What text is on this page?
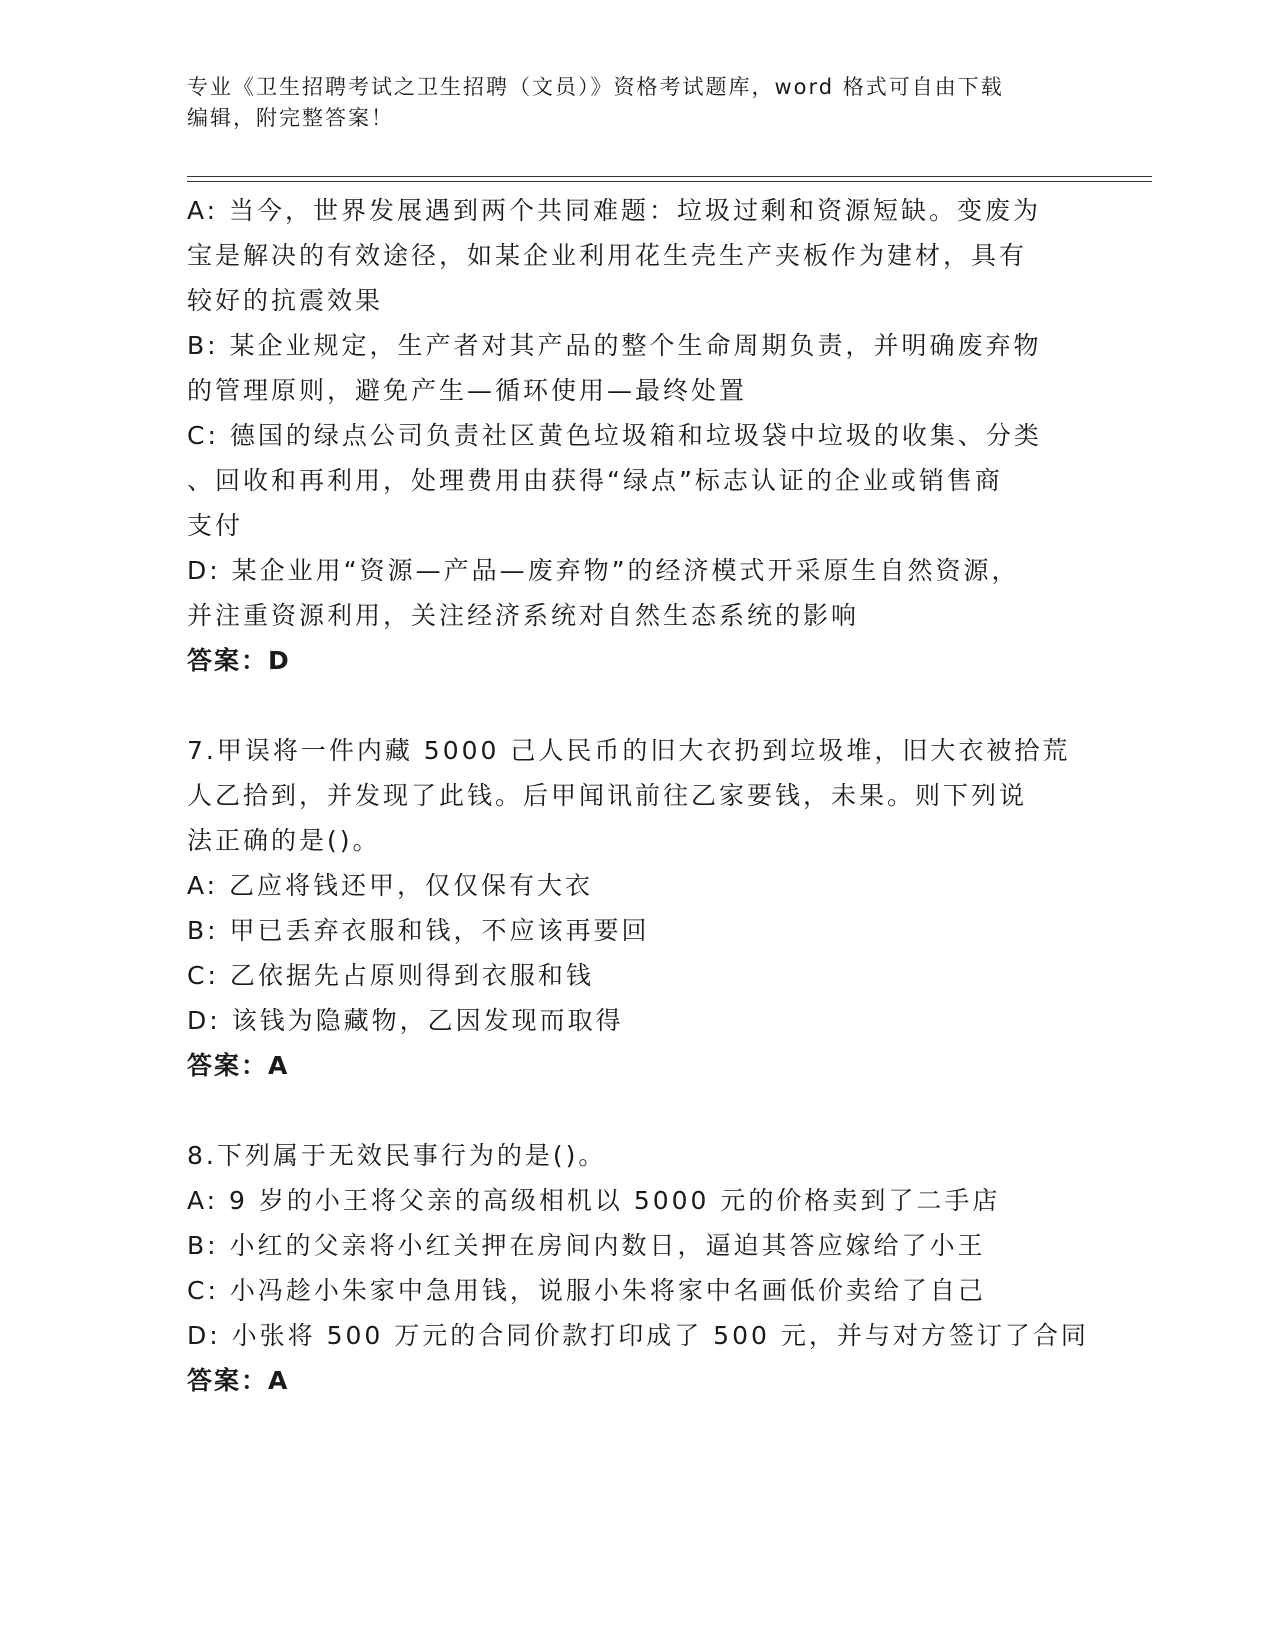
专业《卫生招聘考试之卫生招聘（文员）》资格考试题库，word 格式可自由下载
编辑，附完整答案！
A: 当今，世界发展遇到两个共同难题：垃圾过剩和资源短缺。变废为
宝是解决的有效途径，如某企业利用花生壳生产夹板作为建材，具有
较好的抗震效果
B: 某企业规定，生产者对其产品的整个生命周期负责，并明确废弃物
的管理原则，避免产生—循环使用—最终处置
C: 德国的绿点公司负责社区黄色垃圾箱和垃圾袋中垃圾的收集、分类
、回收和再利用，处理费用由获得“绿点”标志认证的企业或销售商
支付
D: 某企业用“资源—产品—废弃物”的经济模式开采原生自然资源，
并注重资源利用，关注经济系统对自然生态系统的影响
答案：D
7.甲误将一件内藏 5000 己人民币的旧大衣扔到垃圾堆，旧大衣被拾荒
人乙拾到，并发现了此钱。后甲闻讯前往乙家要钱，未果。则下列说
法正确的是()。
A: 乙应将钱还甲，仅仅保有大衣
B: 甲已丢弃衣服和钱，不应该再要回
C: 乙依据先占原则得到衣服和钱
D: 该钱为隐藏物，乙因发现而取得
答案：A
8.下列属于无效民事行为的是()。
A: 9 岁的小王将父亲的高级相机以 5000 元的价格卖到了二手店
B: 小红的父亲将小红关押在房间内数日，逼迫其答应嫁给了小王
C: 小冯趁小朱家中急用钱，说服小朱将家中名画低价卖给了自己
D: 小张将 500 万元的合同价款打印成了 500 元，并与对方签订了合同
答案：A
